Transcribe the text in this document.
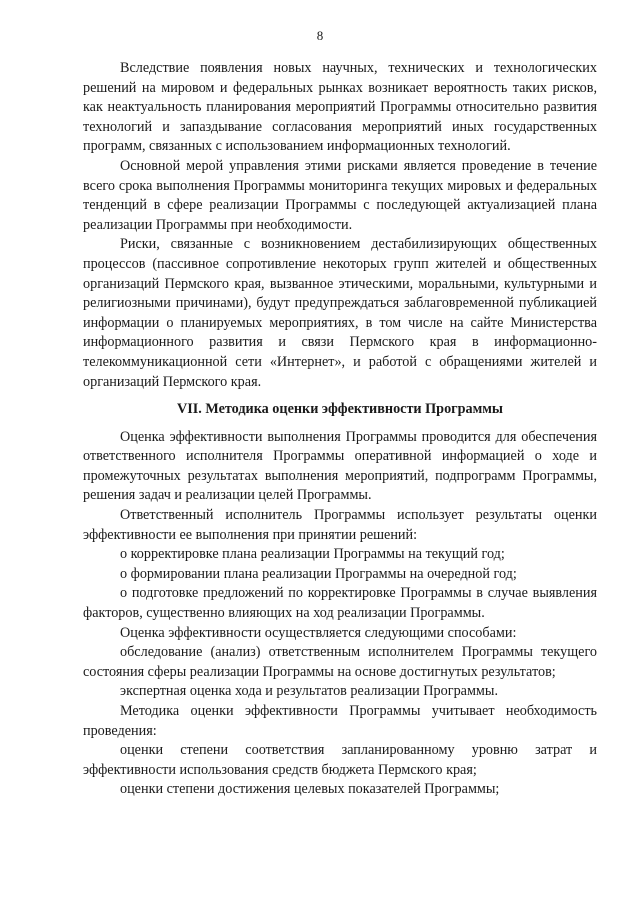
8

Вследствие появления новых научных, технических и технологических решений на мировом и федеральных рынках возникает вероятность таких рисков, как неактуальность планирования мероприятий Программы относительно развития технологий и запаздывание согласования мероприятий иных государственных программ, связанных с использованием информационных технологий.

Основной мерой управления этими рисками является проведение в течение всего срока выполнения Программы мониторинга текущих мировых и федеральных тенденций в сфере реализации Программы с последующей актуализацией плана реализации Программы при необходимости.

Риски, связанные с возникновением дестабилизирующих общественных процессов (пассивное сопротивление некоторых групп жителей и общественных организаций Пермского края, вызванное этическими, моральными, культурными и религиозными причинами), будут предупреждаться заблаговременной публикацией информации о планируемых мероприятиях, в том числе на сайте Министерства информационного развития и связи Пермского края в информационно-телекоммуникационной сети «Интернет», и работой с обращениями жителей и организаций Пермского края.

VII. Методика оценки эффективности Программы

Оценка эффективности выполнения Программы проводится для обеспечения ответственного исполнителя Программы оперативной информацией о ходе и промежуточных результатах выполнения мероприятий, подпрограмм Программы, решения задач и реализации целей Программы.

Ответственный исполнитель Программы использует результаты оценки эффективности ее выполнения при принятии решений:

о корректировке плана реализации Программы на текущий год;

о формировании плана реализации Программы на очередной год;

о подготовке предложений по корректировке Программы в случае выявления факторов, существенно влияющих на ход реализации Программы.

Оценка эффективности осуществляется следующими способами:

обследование (анализ) ответственным исполнителем Программы текущего состояния сферы реализации Программы на основе достигнутых результатов;

экспертная оценка хода и результатов реализации Программы.

Методика оценки эффективности Программы учитывает необходимость проведения:

оценки степени соответствия запланированному уровню затрат и эффективности использования средств бюджета Пермского края;

оценки степени достижения целевых показателей Программы;
